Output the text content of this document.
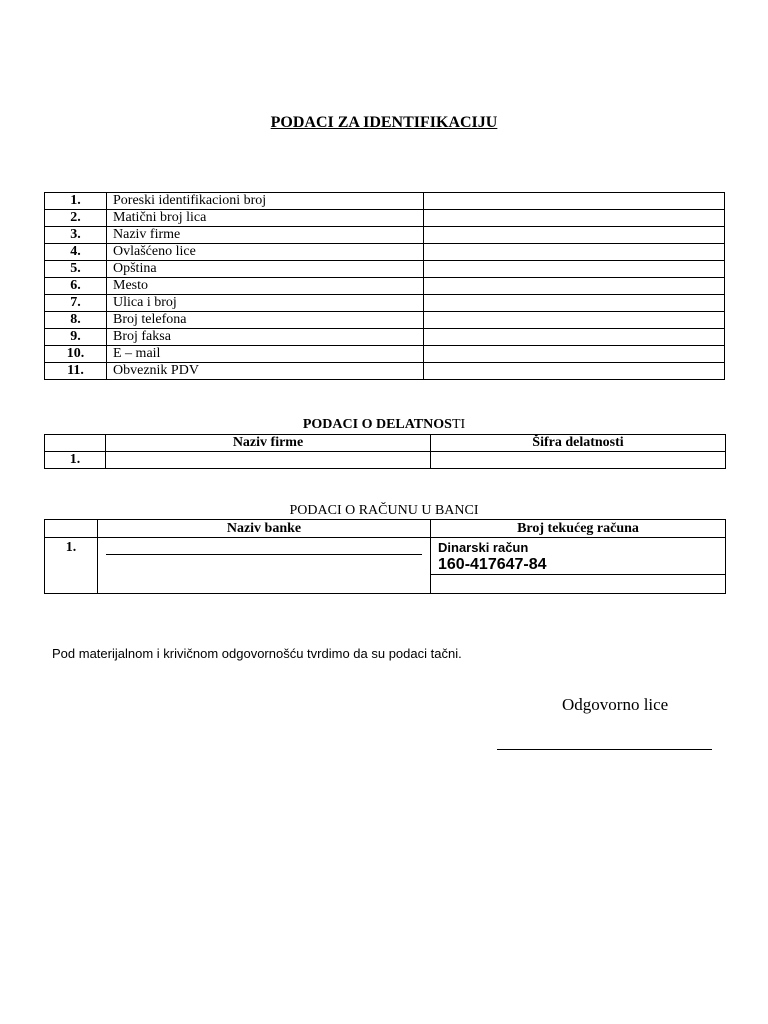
PODACI ZA IDENTIFIKACIJU
1.	Poreski identifikacioni broj	
2.	Matični broj lica	
3.	Naziv firme	
4.	Ovlašćeno lice	
5.	Opština	
6.	Mesto	
7.	Ulica i broj	
8.	Broj telefona	
9.	Broj faksa	
10.	E – mail	
11.	Obveznik PDV	
PODACI O DELATNOSTI
	Naziv firme	Šifra delatnosti
1.		
PODACI O RAČUNU U BANCI
	Naziv banke	Broj tekućeg računa
1.		Dinarski račun
160-417647-84

Pod materijalnom i krivičnom odgovornošću tvrdimo da su podaci tačni.
Odgovorno lice
